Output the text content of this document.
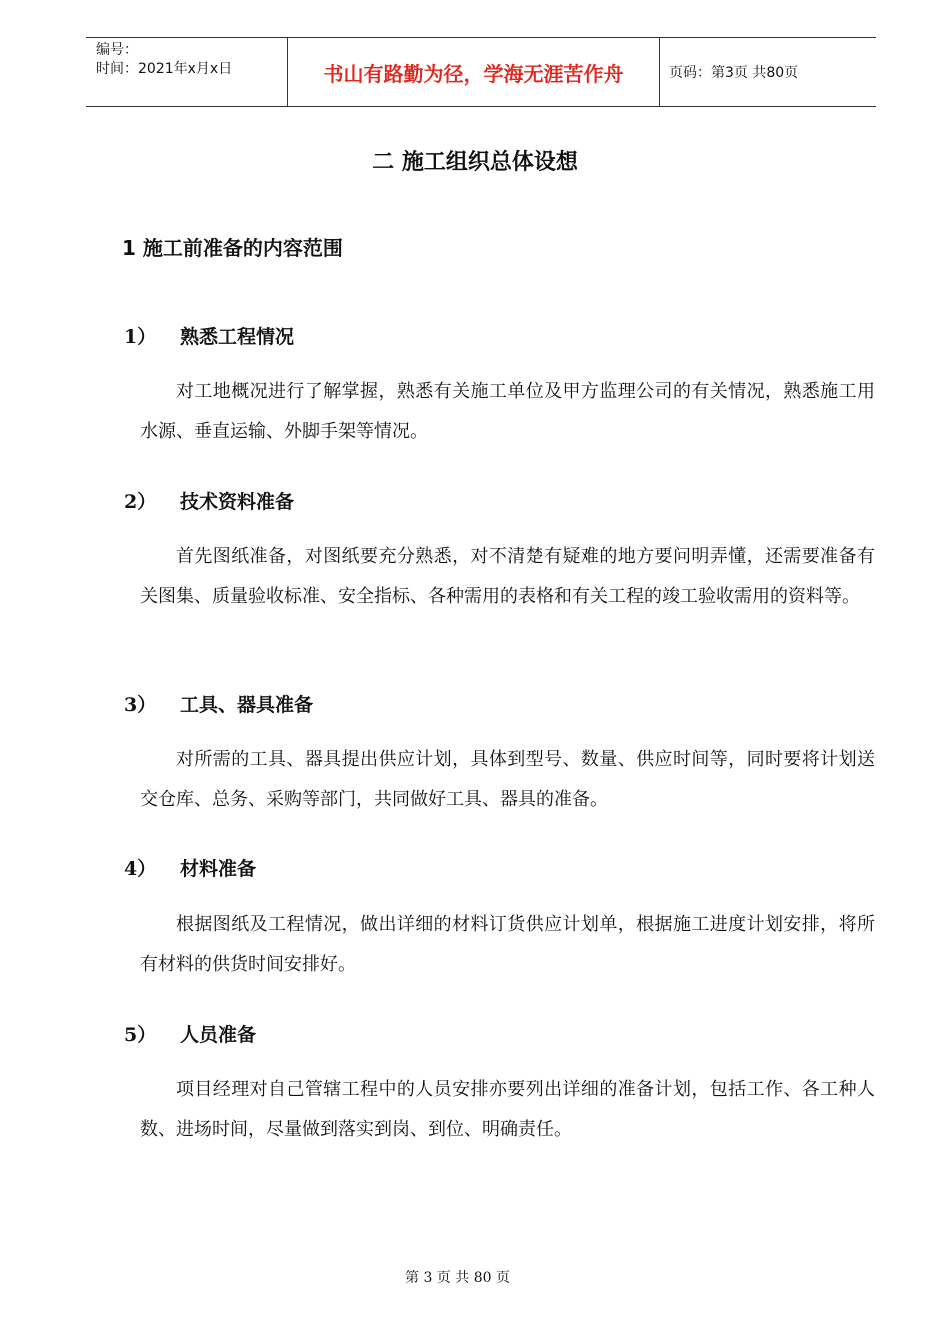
编号：
时间：2021年x月x日	书山有路勤为径，学海无涯苦作舟	页码：第3页 共80页
二 施工组织总体设想
1 施工前准备的内容范围
1） 熟悉工程情况
对工地概况进行了解掌握，熟悉有关施工单位及甲方监理公司的有关情况，熟悉施工用水源、垂直运输、外脚手架等情况。
2） 技术资料准备
首先图纸准备，对图纸要充分熟悉，对不清楚有疑难的地方要问明弄懂，还需要准备有关图集、质量验收标准、安全指标、各种需用的表格和有关工程的竣工验收需用的资料等。
3） 工具、器具准备
对所需的工具、器具提出供应计划，具体到型号、数量、供应时间等，同时要将计划送交仓库、总务、采购等部门，共同做好工具、器具的准备。
4） 材料准备
根据图纸及工程情况，做出详细的材料订货供应计划单，根据施工进度计划安排，将所有材料的供货时间安排好。
5） 人员准备
项目经理对自己管辖工程中的人员安排亦要列出详细的准备计划，包括工作、各工种人数、进场时间，尽量做到落实到岗、到位、明确责任。
第 3 页 共 80 页
